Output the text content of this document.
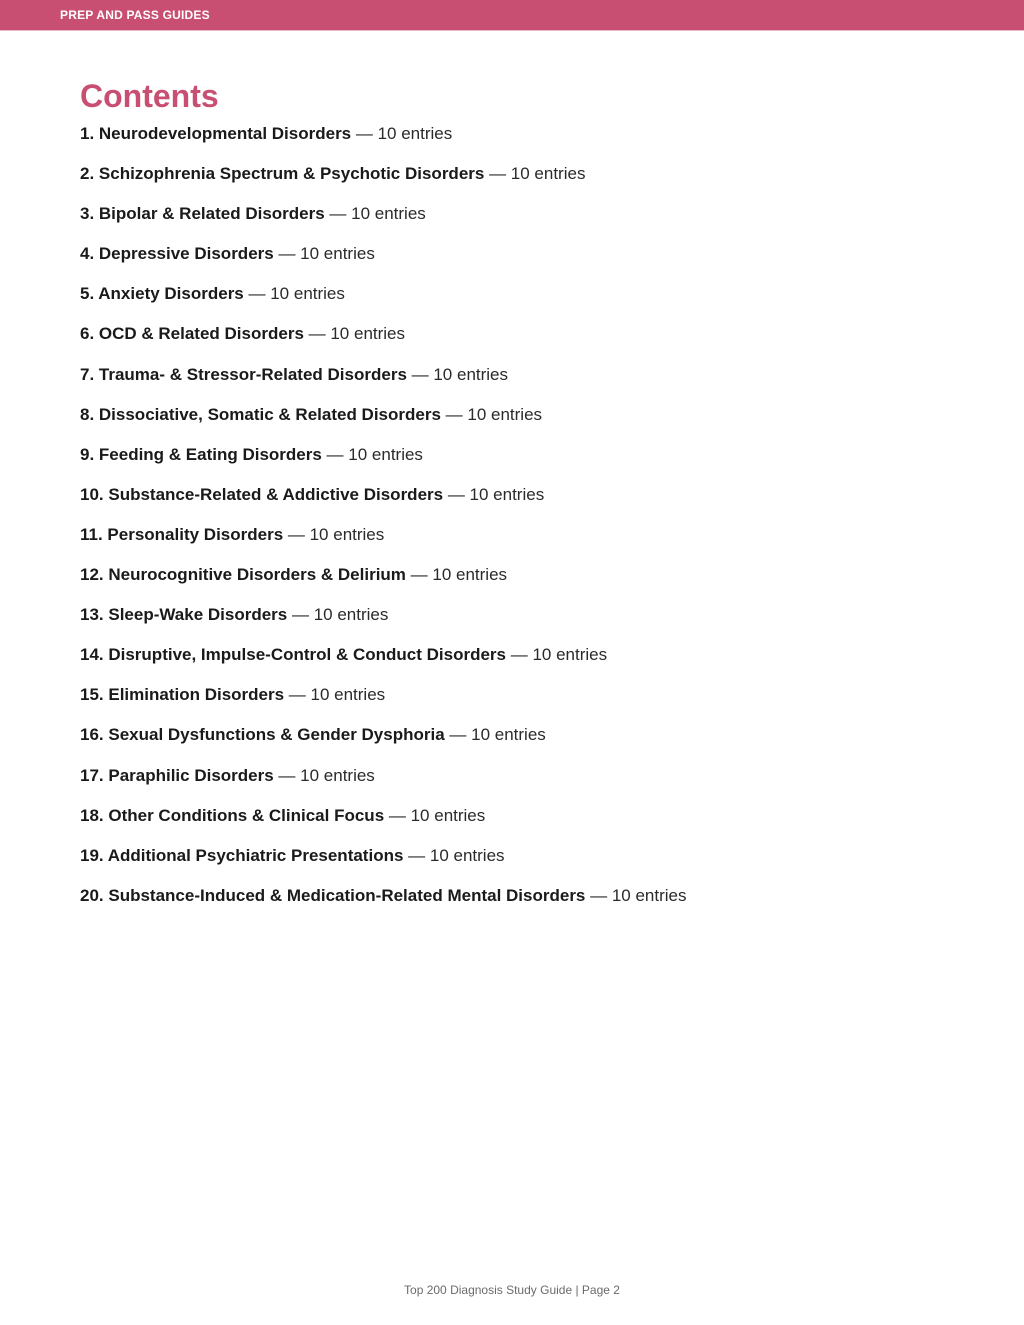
PREP AND PASS GUIDES
Contents
1. Neurodevelopmental Disorders — 10 entries
2. Schizophrenia Spectrum & Psychotic Disorders — 10 entries
3. Bipolar & Related Disorders — 10 entries
4. Depressive Disorders — 10 entries
5. Anxiety Disorders — 10 entries
6. OCD & Related Disorders — 10 entries
7. Trauma- & Stressor-Related Disorders — 10 entries
8. Dissociative, Somatic & Related Disorders — 10 entries
9. Feeding & Eating Disorders — 10 entries
10. Substance-Related & Addictive Disorders — 10 entries
11. Personality Disorders — 10 entries
12. Neurocognitive Disorders & Delirium — 10 entries
13. Sleep-Wake Disorders — 10 entries
14. Disruptive, Impulse-Control & Conduct Disorders — 10 entries
15. Elimination Disorders — 10 entries
16. Sexual Dysfunctions & Gender Dysphoria — 10 entries
17. Paraphilic Disorders — 10 entries
18. Other Conditions & Clinical Focus — 10 entries
19. Additional Psychiatric Presentations — 10 entries
20. Substance-Induced & Medication-Related Mental Disorders — 10 entries
Top 200 Diagnosis Study Guide | Page 2
